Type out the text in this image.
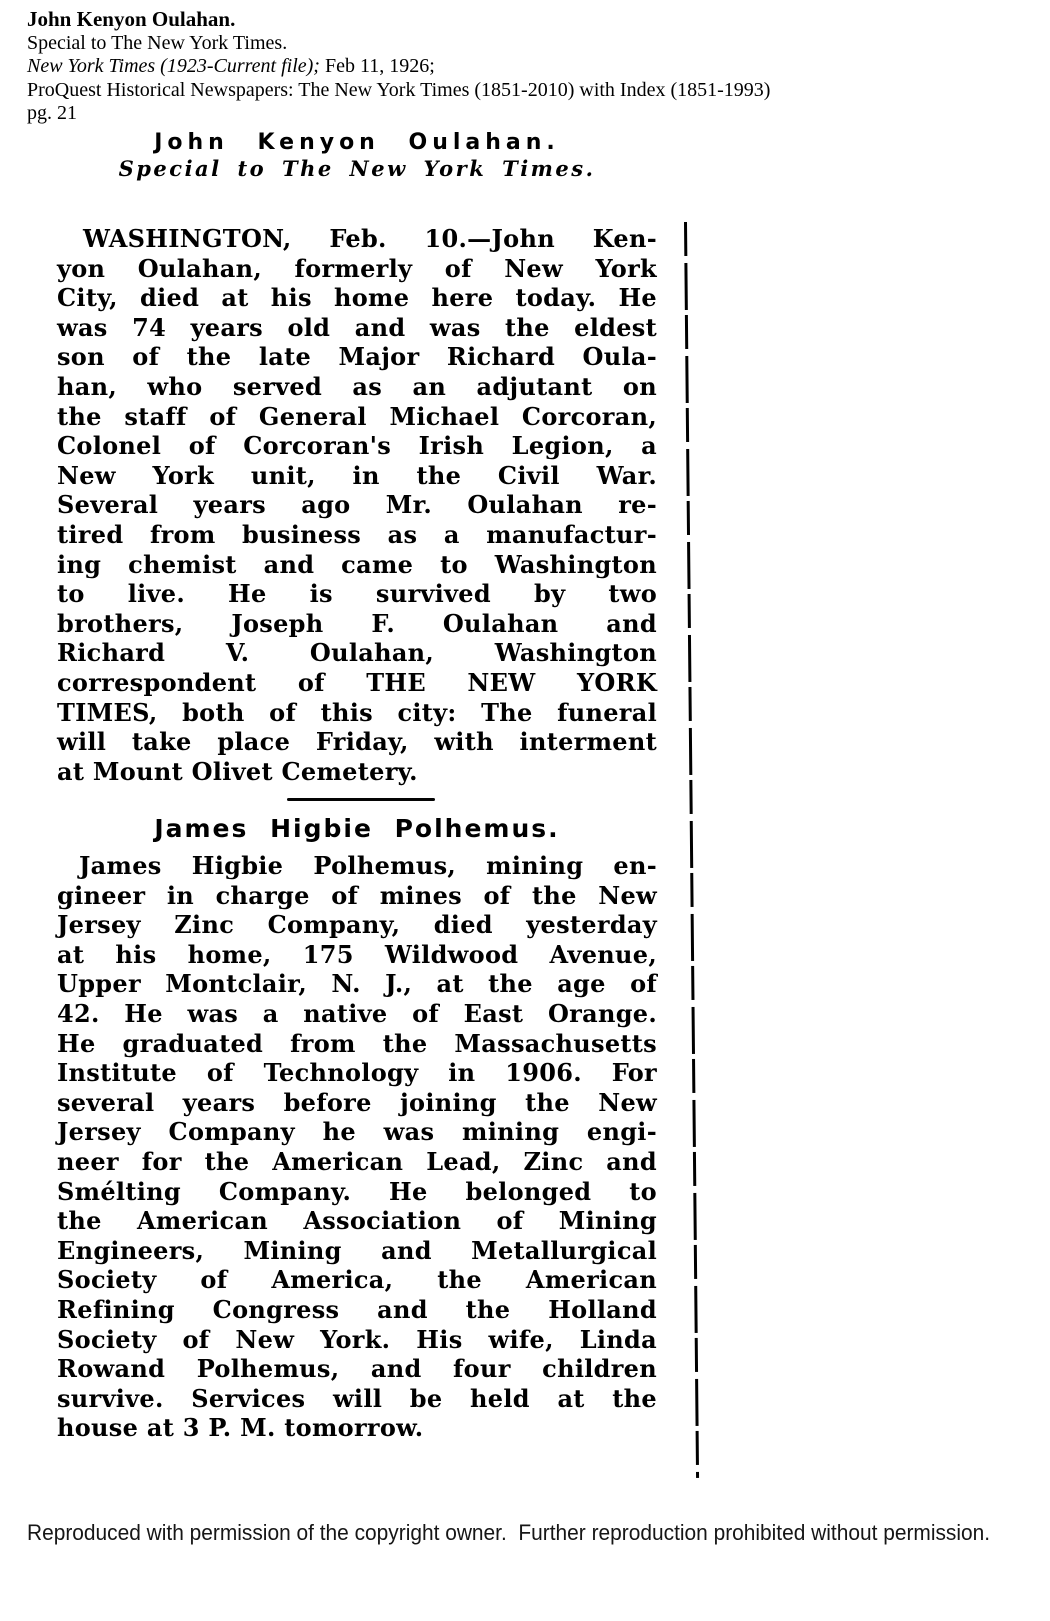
John Kenyon Oulahan.
Special to The New York Times.
New York Times (1923-Current file); Feb 11, 1926;
ProQuest Historical Newspapers: The New York Times (1851-2010) with Index (1851-1993)
pg. 21
John Kenyon Oulahan.
Special to The New York Times.
WASHINGTON, Feb. 10.—John Ken-
yon Oulahan, formerly of New York
City, died at his home here today. He
was 74 years old and was the eldest
son of the late Major Richard Oula-
han, who served as an adjutant on
the staff of General Michael Corcoran,
Colonel of Corcoran's Irish Legion, a
New York unit, in the Civil War.
Several years ago Mr. Oulahan re-
tired from business as a manufactur-
ing chemist and came to Washington
to live. He is survived by two
brothers, Joseph F. Oulahan and
Richard V. Oulahan, Washington
correspondent of THE NEW YORK
TIMES, both of this city: The funeral
will take place Friday, with interment
at Mount Olivet Cemetery.
James Higbie Polhemus.
James Higbie Polhemus, mining en-
gineer in charge of mines of the New
Jersey Zinc Company, died yesterday
at his home, 175 Wildwood Avenue,
Upper Montclair, N. J., at the age of
42. He was a native of East Orange.
He graduated from the Massachusetts
Institute of Technology in 1906. For
several years before joining the New
Jersey Company he was mining engi-
neer for the American Lead, Zinc and
Smélting Company. He belonged to
the American Association of Mining
Engineers, Mining and Metallurgical
Society of America, the American
Refining Congress and the Holland
Society of New York. His wife, Linda
Rowand Polhemus, and four children
survive. Services will be held at the
house at 3 P. M. tomorrow.
Reproduced with permission of the copyright owner.  Further reproduction prohibited without permission.
